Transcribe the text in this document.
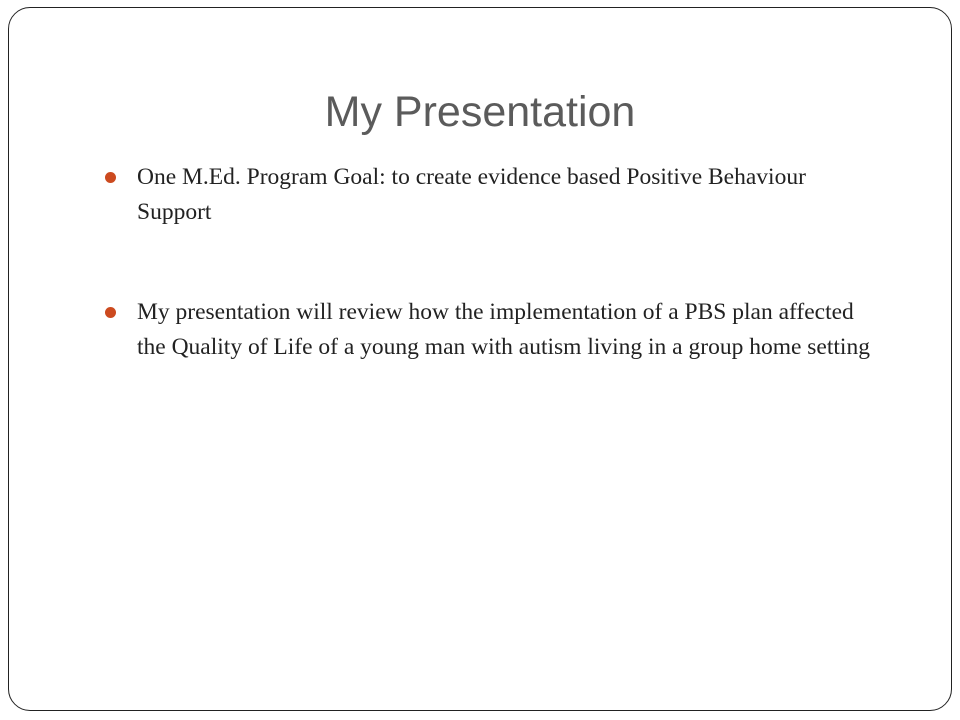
My Presentation
One M.Ed. Program Goal: to create evidence based Positive Behaviour Support
My presentation will review how the implementation of a PBS plan affected the Quality of Life of a young man with autism living in a group home setting
